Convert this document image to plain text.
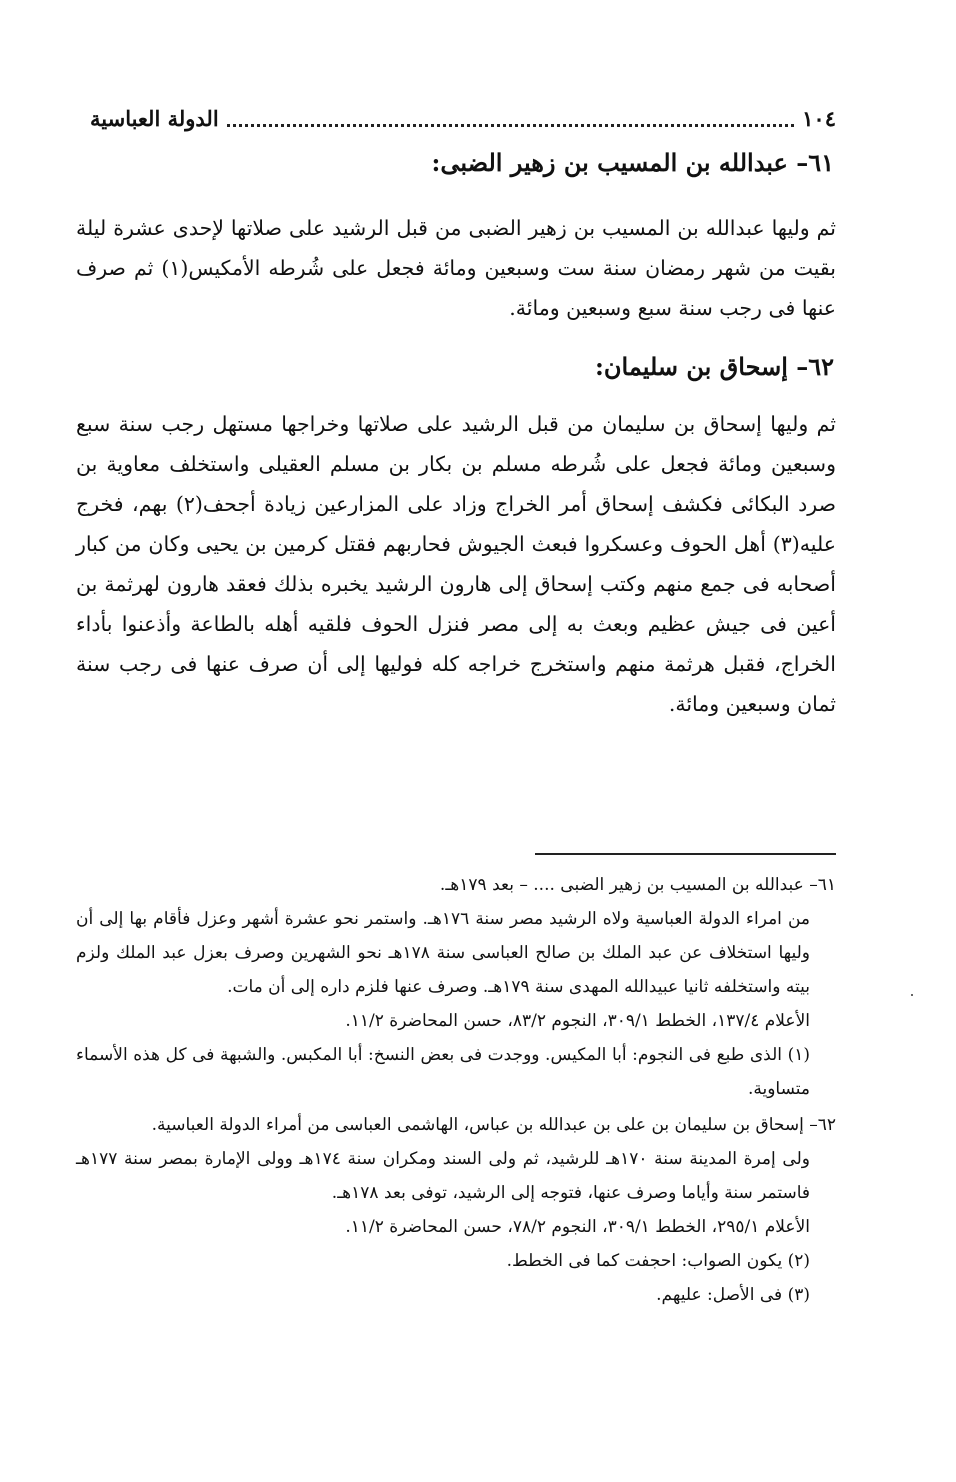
١٠٤
الدولة العباسية
٦١– عبدالله بن المسيب بن زهير الضبى:
ثم وليها عبدالله بن المسيب بن زهير الضبى من قبل الرشيد على صلاتها لإحدى عشرة ليلة بقيت من شهر رمضان سنة ست وسبعين ومائة فجعل على شُرطه الأمكيس(١) ثم صرف عنها فى رجب سنة سبع وسبعين ومائة.
٦٢– إسحاق بن سليمان:
ثم وليها إسحاق بن سليمان من قبل الرشيد على صلاتها وخراجها مستهل رجب سنة سبع وسبعين ومائة فجعل على شُرطه مسلم بن بكار بن مسلم العقيلى واستخلف معاوية بن صرد البكائى فكشف إسحاق أمر الخراج وزاد على المزارعين زيادة أجحف(٢) بهم، فخرج عليه(٣) أهل الحوف وعسكروا فبعث الجيوش فحاربهم فقتل كرمين بن يحيى وكان من كبار أصحابه فى جمع منهم وكتب إسحاق إلى هارون الرشيد يخبره بذلك فعقد هارون لهرثمة بن أعين فى جيش عظيم وبعث به إلى مصر فنزل الحوف فلقيه أهله بالطاعة وأذعنوا بأداء الخراج، فقبل هرثمة منهم واستخرج خراجه كله فوليها إلى أن صرف عنها فى رجب سنة ثمان وسبعين ومائة.

٦١– عبدالله بن المسيب بن زهير الضبى .... – بعد ١٧٩هـ.

من امراء الدولة العباسية ولاه الرشيد مصر سنة ١٧٦هـ. واستمر نحو عشرة أشهر وعزل فأقام بها إلى أن وليها استخلاف عن عبد الملك بن صالح العباسى سنة ١٧٨هـ نحو الشهرين وصرف بعزل عبد الملك ولزم بيته واستخلفه ثانيا عبيدالله المهدى سنة ١٧٩هـ. وصرف عنها فلزم داره إلى أن مات.

الأعلام ١٣٧/٤، الخطط ٣٠٩/١، النجوم ٨٣/٢، حسن المحاضرة ١١/٢.

(١) الذى طبع فى النجوم: أبا المكيس. ووجدت فى بعض النسخ: أبا المكبس. والشبهة فى كل هذه الأسماء متساوية.

٦٢– إسحاق بن سليمان بن على بن عبدالله بن عباس، الهاشمى العباسى من أمراء الدولة العباسية.

ولى إمرة المدينة سنة ١٧٠هـ للرشيد، ثم ولى السند ومكران سنة ١٧٤هـ وولى الإمارة بمصر سنة ١٧٧هـ فاستمر سنة وأياما وصرف عنها، فتوجه إلى الرشيد، توفى بعد ١٧٨هـ.

الأعلام ٢٩٥/١، الخطط ٣٠٩/١، النجوم ٧٨/٢، حسن المحاضرة ١١/٢.

(٢) يكون الصواب: احجفت كما فى الخطط.

(٣) فى الأصل: عليهم.
